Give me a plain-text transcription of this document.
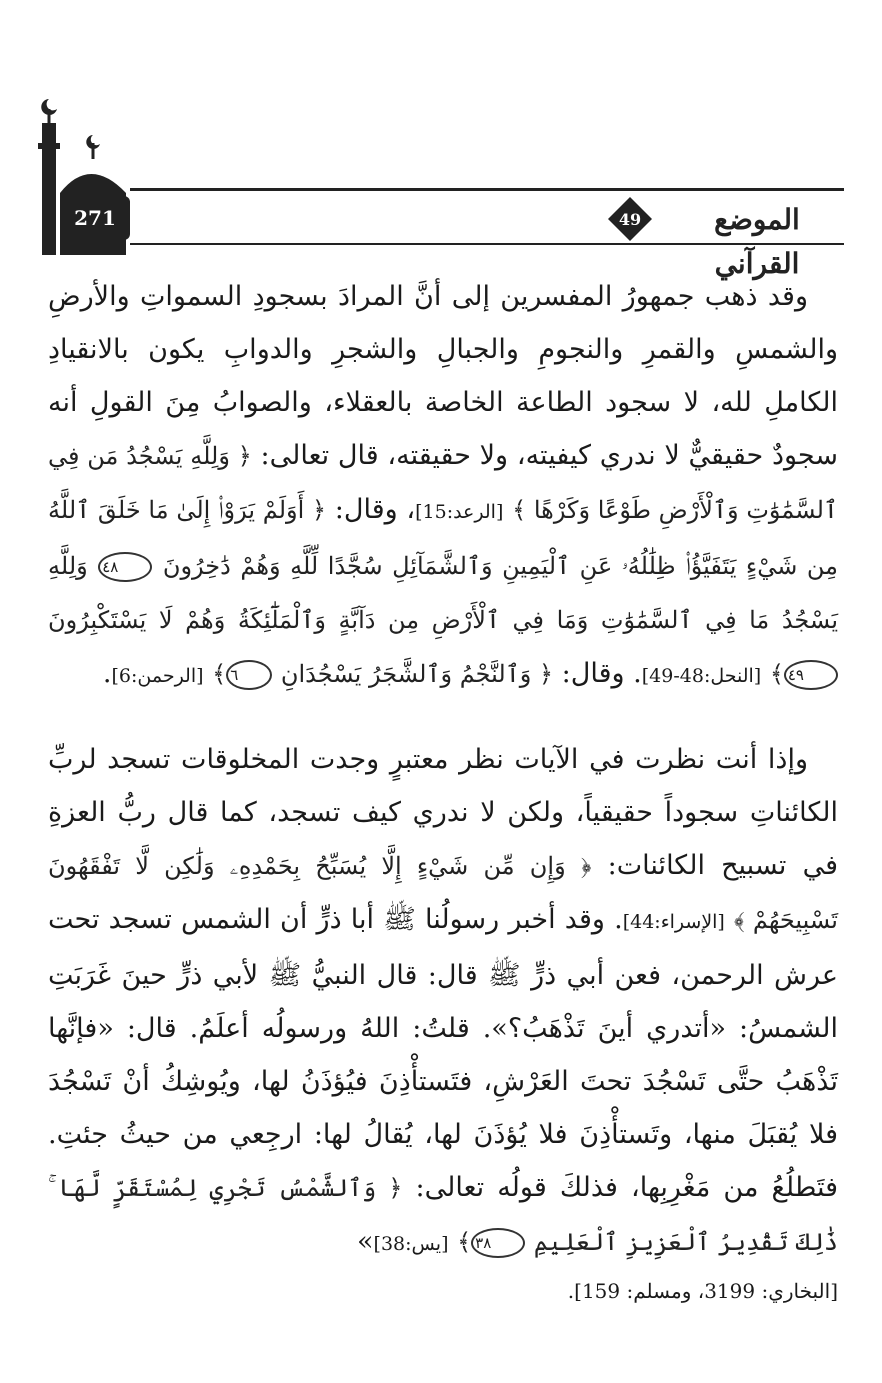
271	49	الموضع القرآني

وقد ذهب جمهورُ المفسرين إلى أنَّ المرادَ بسجودِ السمواتِ والأرضِ والشمسِ والقمرِ والنجومِ والجبالِ والشجرِ والدوابِ يكون بالانقيادِ الكاملِ لله، لا سجود الطاعة الخاصة بالعقلاء، والصوابُ مِنَ القولِ أنه سجودٌ حقيقيٌّ لا ندري كيفيته، ولا حقيقته، قال تعالى: ﴿ وَلِلَّهِ يَسْجُدُ مَن فِي ٱلسَّمَٰوَٰتِ وَٱلْأَرْضِ طَوْعًا وَكَرْهًا ﴾ [الرعد:15]، وقال: ﴿ أَوَلَمْ يَرَوْا۟ إِلَىٰ مَا خَلَقَ ٱللَّهُ مِن شَيْءٍ يَتَفَيَّؤُا۟ ظِلَٰلُهُۥ عَنِ ٱلْيَمِينِ وَٱلشَّمَآئِلِ سُجَّدًا لِّلَّهِ وَهُمْ دَٰخِرُونَ ٤٨ وَلِلَّهِ يَسْجُدُ مَا فِي ٱلسَّمَٰوَٰتِ وَمَا فِي ٱلْأَرْضِ مِن دَآبَّةٍ وَٱلْمَلَٰٓئِكَةُ وَهُمْ لَا يَسْتَكْبِرُونَ ٤٩﴾ [النحل:48-49]. وقال: ﴿ وَٱلنَّجْمُ وَٱلشَّجَرُ يَسْجُدَانِ ٦﴾ [الرحمن:6].

وإذا أنت نظرت في الآيات نظر معتبرٍ وجدت المخلوقات تسجد لربِّ الكائناتِ سجوداً حقيقياً، ولكن لا ندري كيف تسجد، كما قال ربُّ العزةِ في تسبيح الكائنات: ﴿ وَإِن مِّن شَيْءٍ إِلَّا يُسَبِّحُ بِحَمْدِهِۦ وَلَٰكِن لَّا تَفْقَهُونَ تَسْبِيحَهُمْ ﴾ [الإسراء:44]. وقد أخبر رسولُنا ﷺ أبا ذرٍّ أن الشمس تسجد تحت عرش الرحمن، فعن أبي ذرٍّ ﷺ قال: قال النبيُّ ﷺ لأبي ذرٍّ حينَ غَرَبَتِ الشمسُ: «أتدري أينَ تَذْهَبُ؟». قلتُ: اللهُ ورسولُه أعلَمُ. قال: «فإنَّها تَذْهَبُ حتَّى تَسْجُدَ تحتَ العَرْشِ، فتَستأْذِنَ فيُؤذَنُ لها، ويُوشِكُ أنْ تَسْجُدَ فلا يُقبَلَ منها، وتَستأْذِنَ فلا يُؤذَنَ لها، يُقالُ لها: ارجِعي من حيثُ جئتِ. فتَطلُعُ من مَغْرِبِها، فذلكَ قولُه تعالى: ﴿ وَٱلشَّمْسُ تَجْرِي لِمُسْتَقَرٍّ لَّهَا ۚ ذَٰلِكَ تَقْدِيرُ ٱلْعَزِيزِ ٱلْعَلِيمِ ٣٨﴾ [يس:38]»

[البخاري: 3199، ومسلم: 159].
